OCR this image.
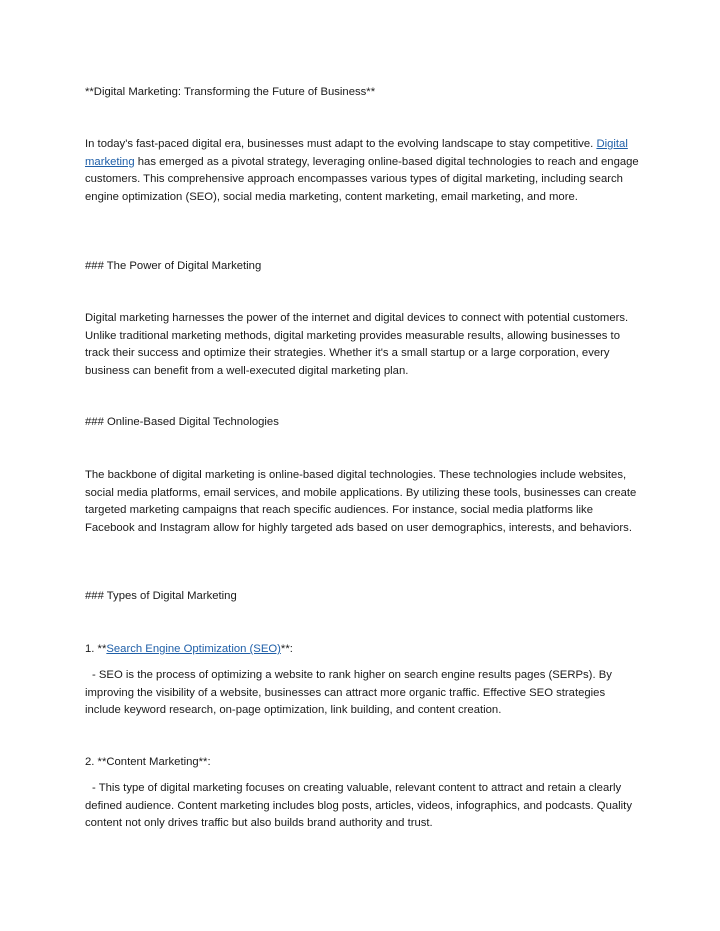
**Digital Marketing: Transforming the Future of Business**

In today's fast-paced digital era, businesses must adapt to the evolving landscape to stay competitive. Digital marketing has emerged as a pivotal strategy, leveraging online-based digital technologies to reach and engage customers. This comprehensive approach encompasses various types of digital marketing, including search engine optimization (SEO), social media marketing, content marketing, email marketing, and more.

### The Power of Digital Marketing

Digital marketing harnesses the power of the internet and digital devices to connect with potential customers. Unlike traditional marketing methods, digital marketing provides measurable results, allowing businesses to track their success and optimize their strategies. Whether it's a small startup or a large corporation, every business can benefit from a well-executed digital marketing plan.

### Online-Based Digital Technologies

The backbone of digital marketing is online-based digital technologies. These technologies include websites, social media platforms, email services, and mobile applications. By utilizing these tools, businesses can create targeted marketing campaigns that reach specific audiences. For instance, social media platforms like Facebook and Instagram allow for highly targeted ads based on user demographics, interests, and behaviors.

### Types of Digital Marketing

1. **Search Engine Optimization (SEO)**:

- SEO is the process of optimizing a website to rank higher on search engine results pages (SERPs). By improving the visibility of a website, businesses can attract more organic traffic. Effective SEO strategies include keyword research, on-page optimization, link building, and content creation.

2. **Content Marketing**:

- This type of digital marketing focuses on creating valuable, relevant content to attract and retain a clearly defined audience. Content marketing includes blog posts, articles, videos, infographics, and podcasts. Quality content not only drives traffic but also builds brand authority and trust.
